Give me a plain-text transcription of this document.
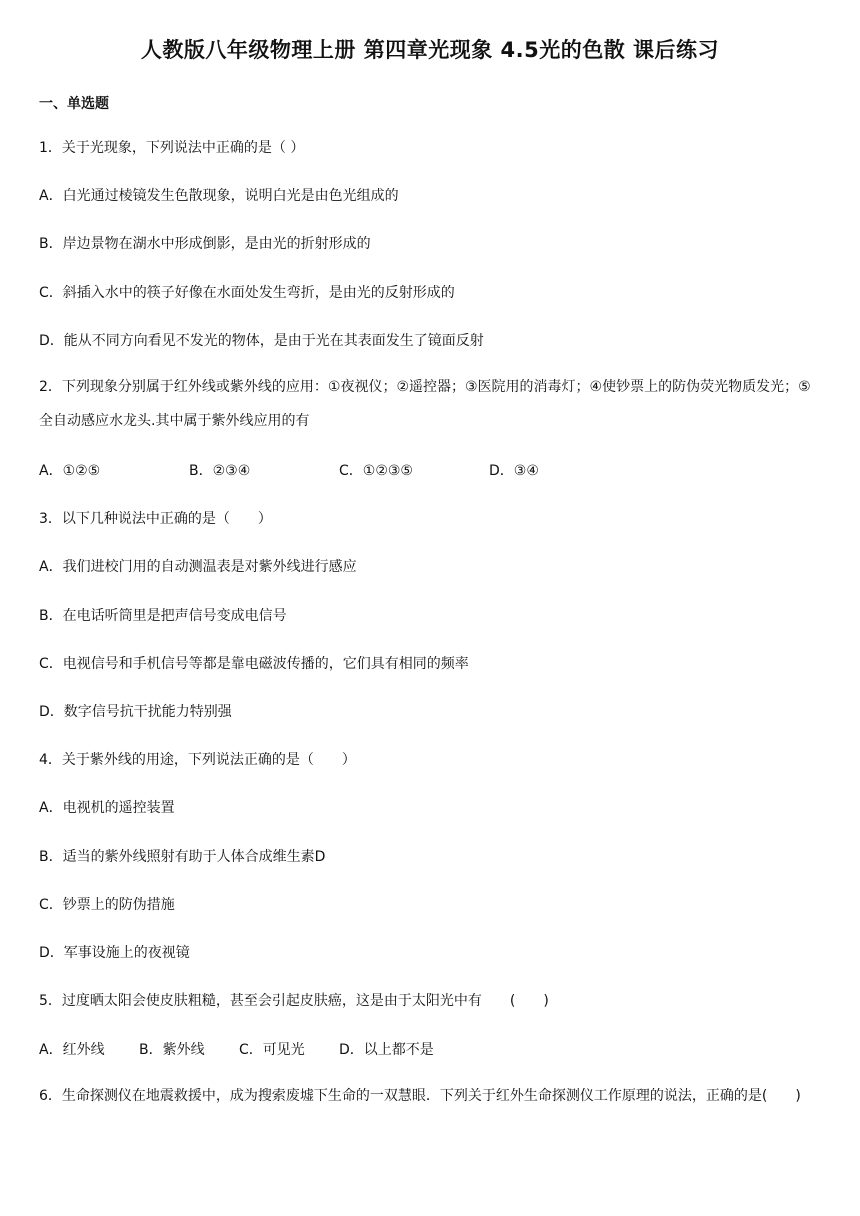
人教版八年级物理上册 第四章光现象 4.5光的色散 课后练习
一、单选题
1．关于光现象，下列说法中正确的是（ ）
A．白光通过棱镜发生色散现象，说明白光是由色光组成的
B．岸边景物在湖水中形成倒影，是由光的折射形成的
C．斜插入水中的筷子好像在水面处发生弯折，是由光的反射形成的
D．能从不同方向看见不发光的物体，是由于光在其表面发生了镜面反射
2．下列现象分别属于红外线或紫外线的应用：①夜视仪；②遥控器；③医院用的消毒灯；④使钞票上的防伪荧光物质发光；⑤全自动感应水龙头.其中属于紫外线应用的有
A．①②⑤	B．②③④	C．①②③⑤	D．③④
3．以下几种说法中正确的是（　　）
A．我们进校门用的自动测温表是对紫外线进行感应
B．在电话听筒里是把声信号变成电信号
C．电视信号和手机信号等都是靠电磁波传播的，它们具有相同的频率
D．数字信号抗干扰能力特别强
4．关于紫外线的用途，下列说法正确的是（　　）
A．电视机的遥控装置
B．适当的紫外线照射有助于人体合成维生素D
C．钞票上的防伪措施
D．军事设施上的夜视镜
5．过度晒太阳会使皮肤粗糙，甚至会引起皮肤癌，这是由于太阳光中有　　(　　)
A．红外线 B．紫外线 C．可见光 D．以上都不是
6．生命探测仪在地震救援中，成为搜索废墟下生命的一双慧眼．下列关于红外生命探测仪工作原理的说法，正确的是(　　)
